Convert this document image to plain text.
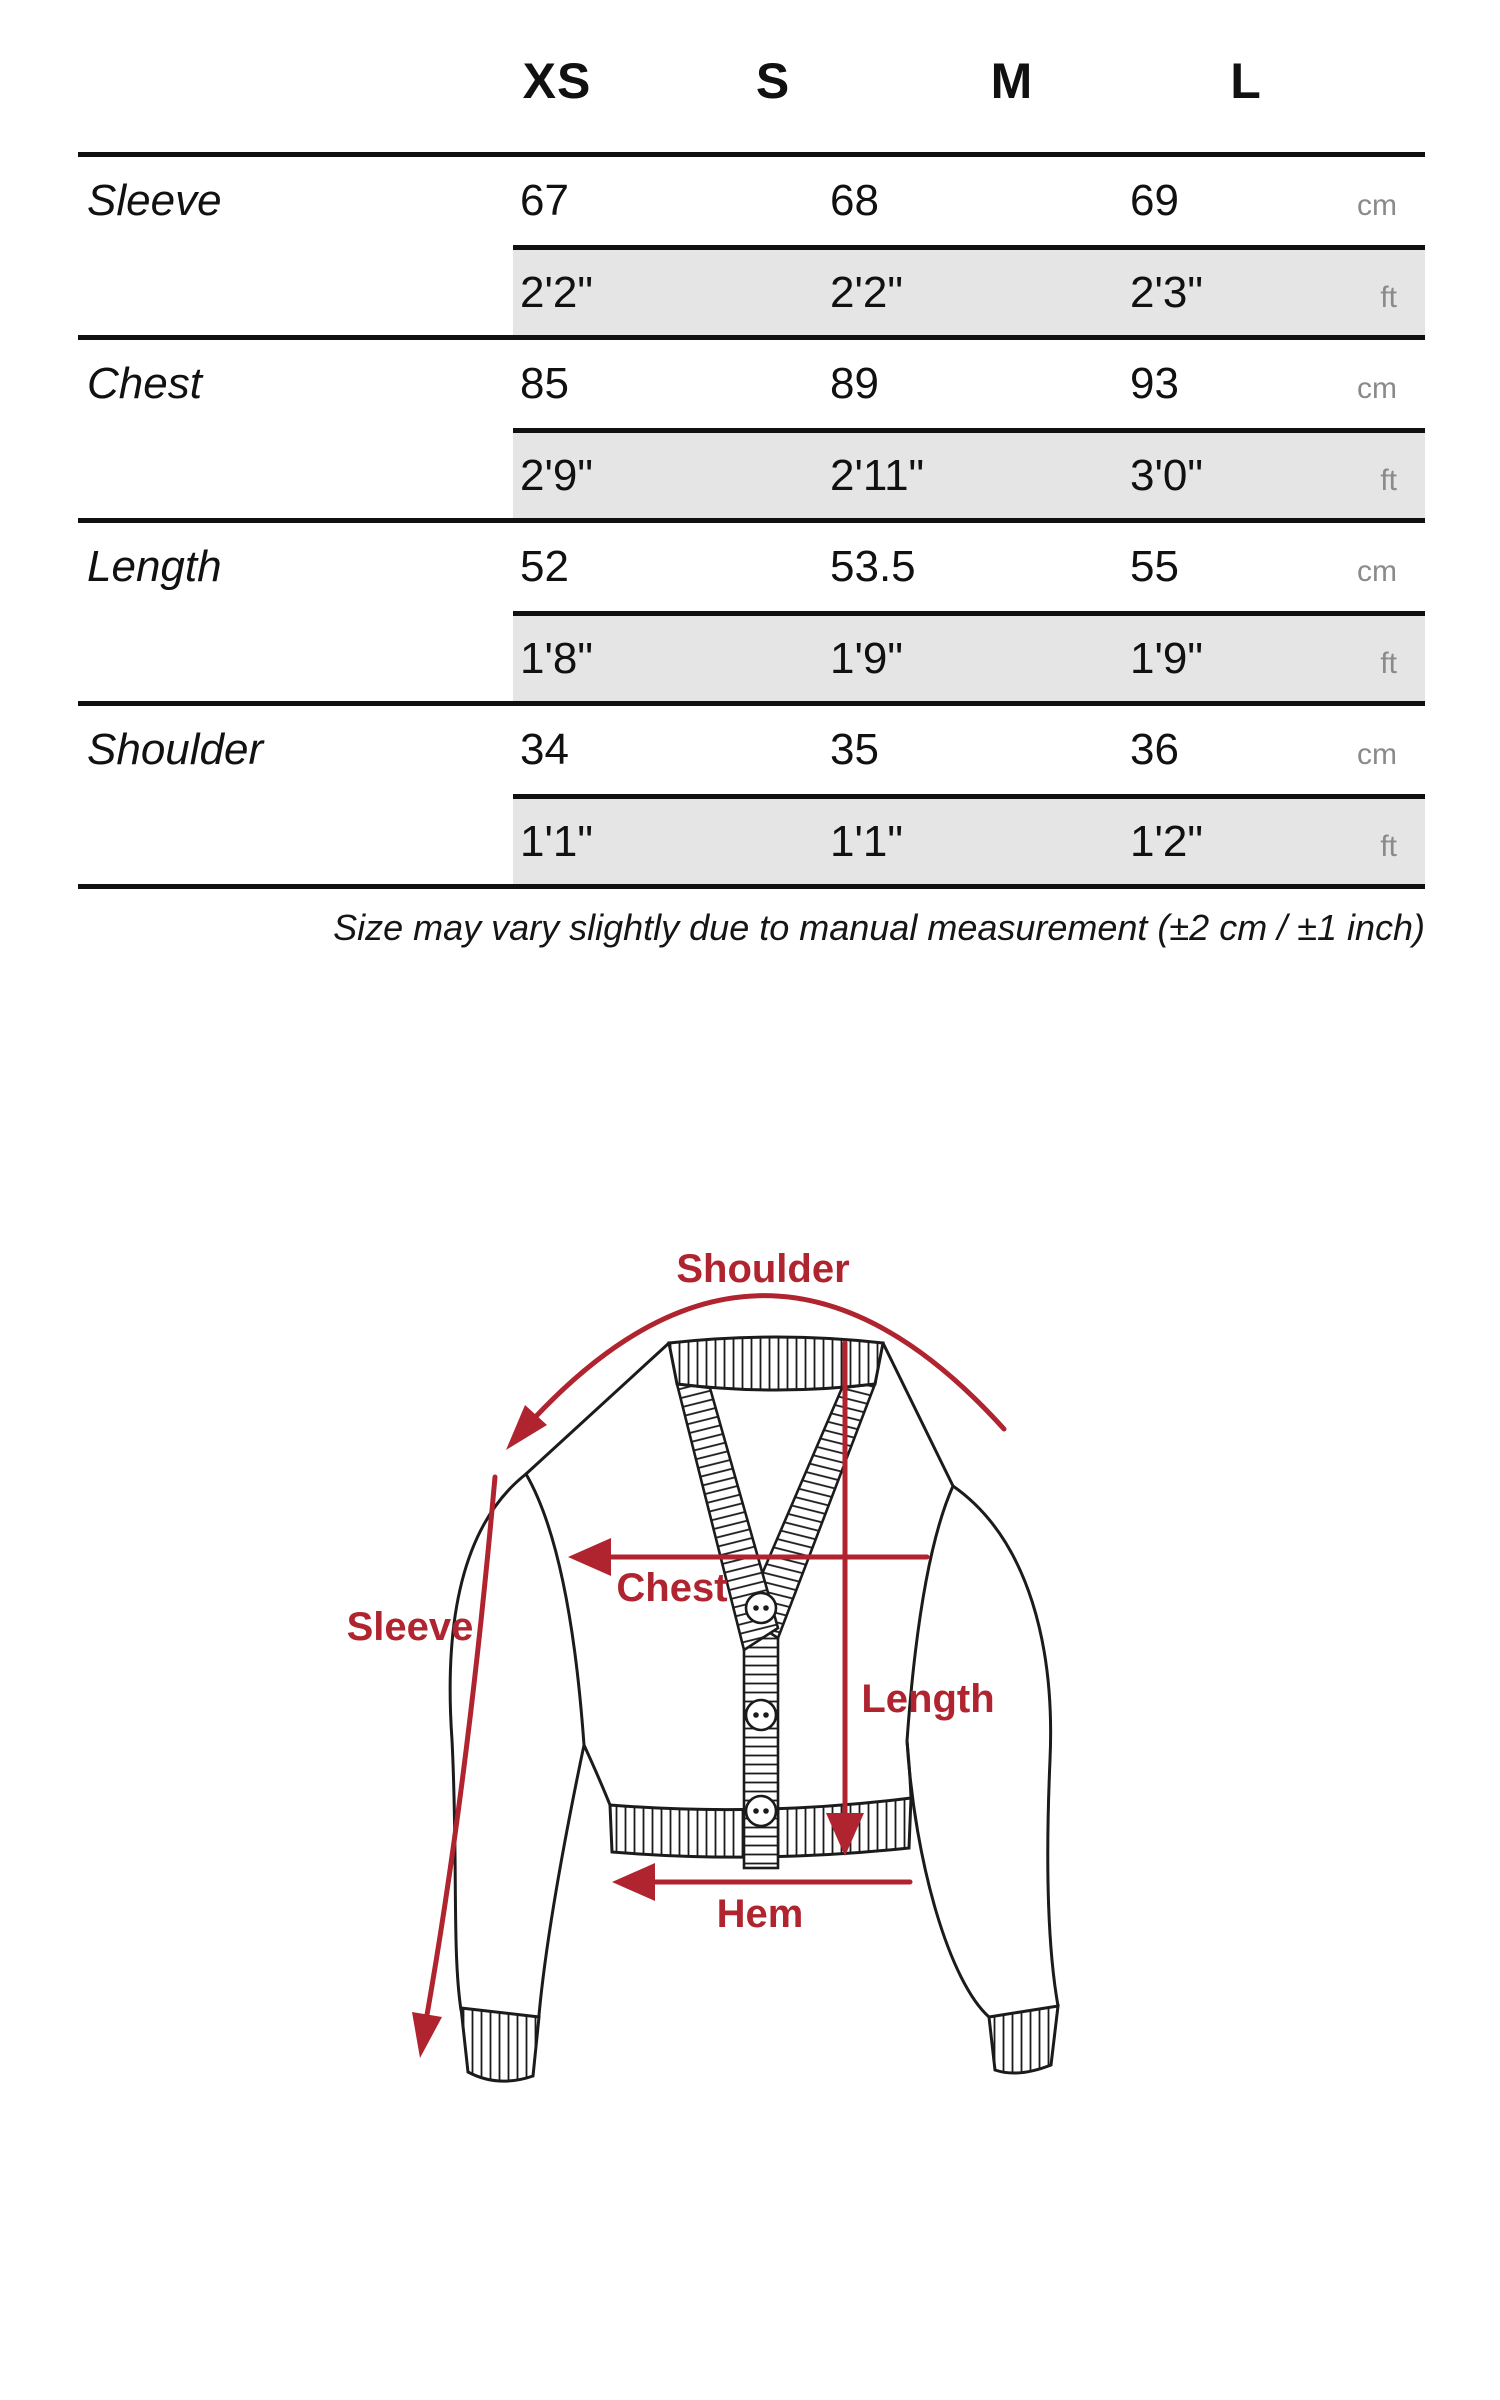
XS	S	M	L
Sleeve	67	68	69	cm
2'2"	2'2"	2'3"	ft
Chest	85	89	93	cm
2'9"	2'11"	3'0"	ft
Length	52	53.5	55	cm
1'8"	1'9"	1'9"	ft
Shoulder	34	35	36	cm
1'1"	1'1"	1'2"	ft
Size may vary slightly due to manual measurement (±2 cm / ±1 inch)
Shoulder
Sleeve
Chest
Length
Hem
